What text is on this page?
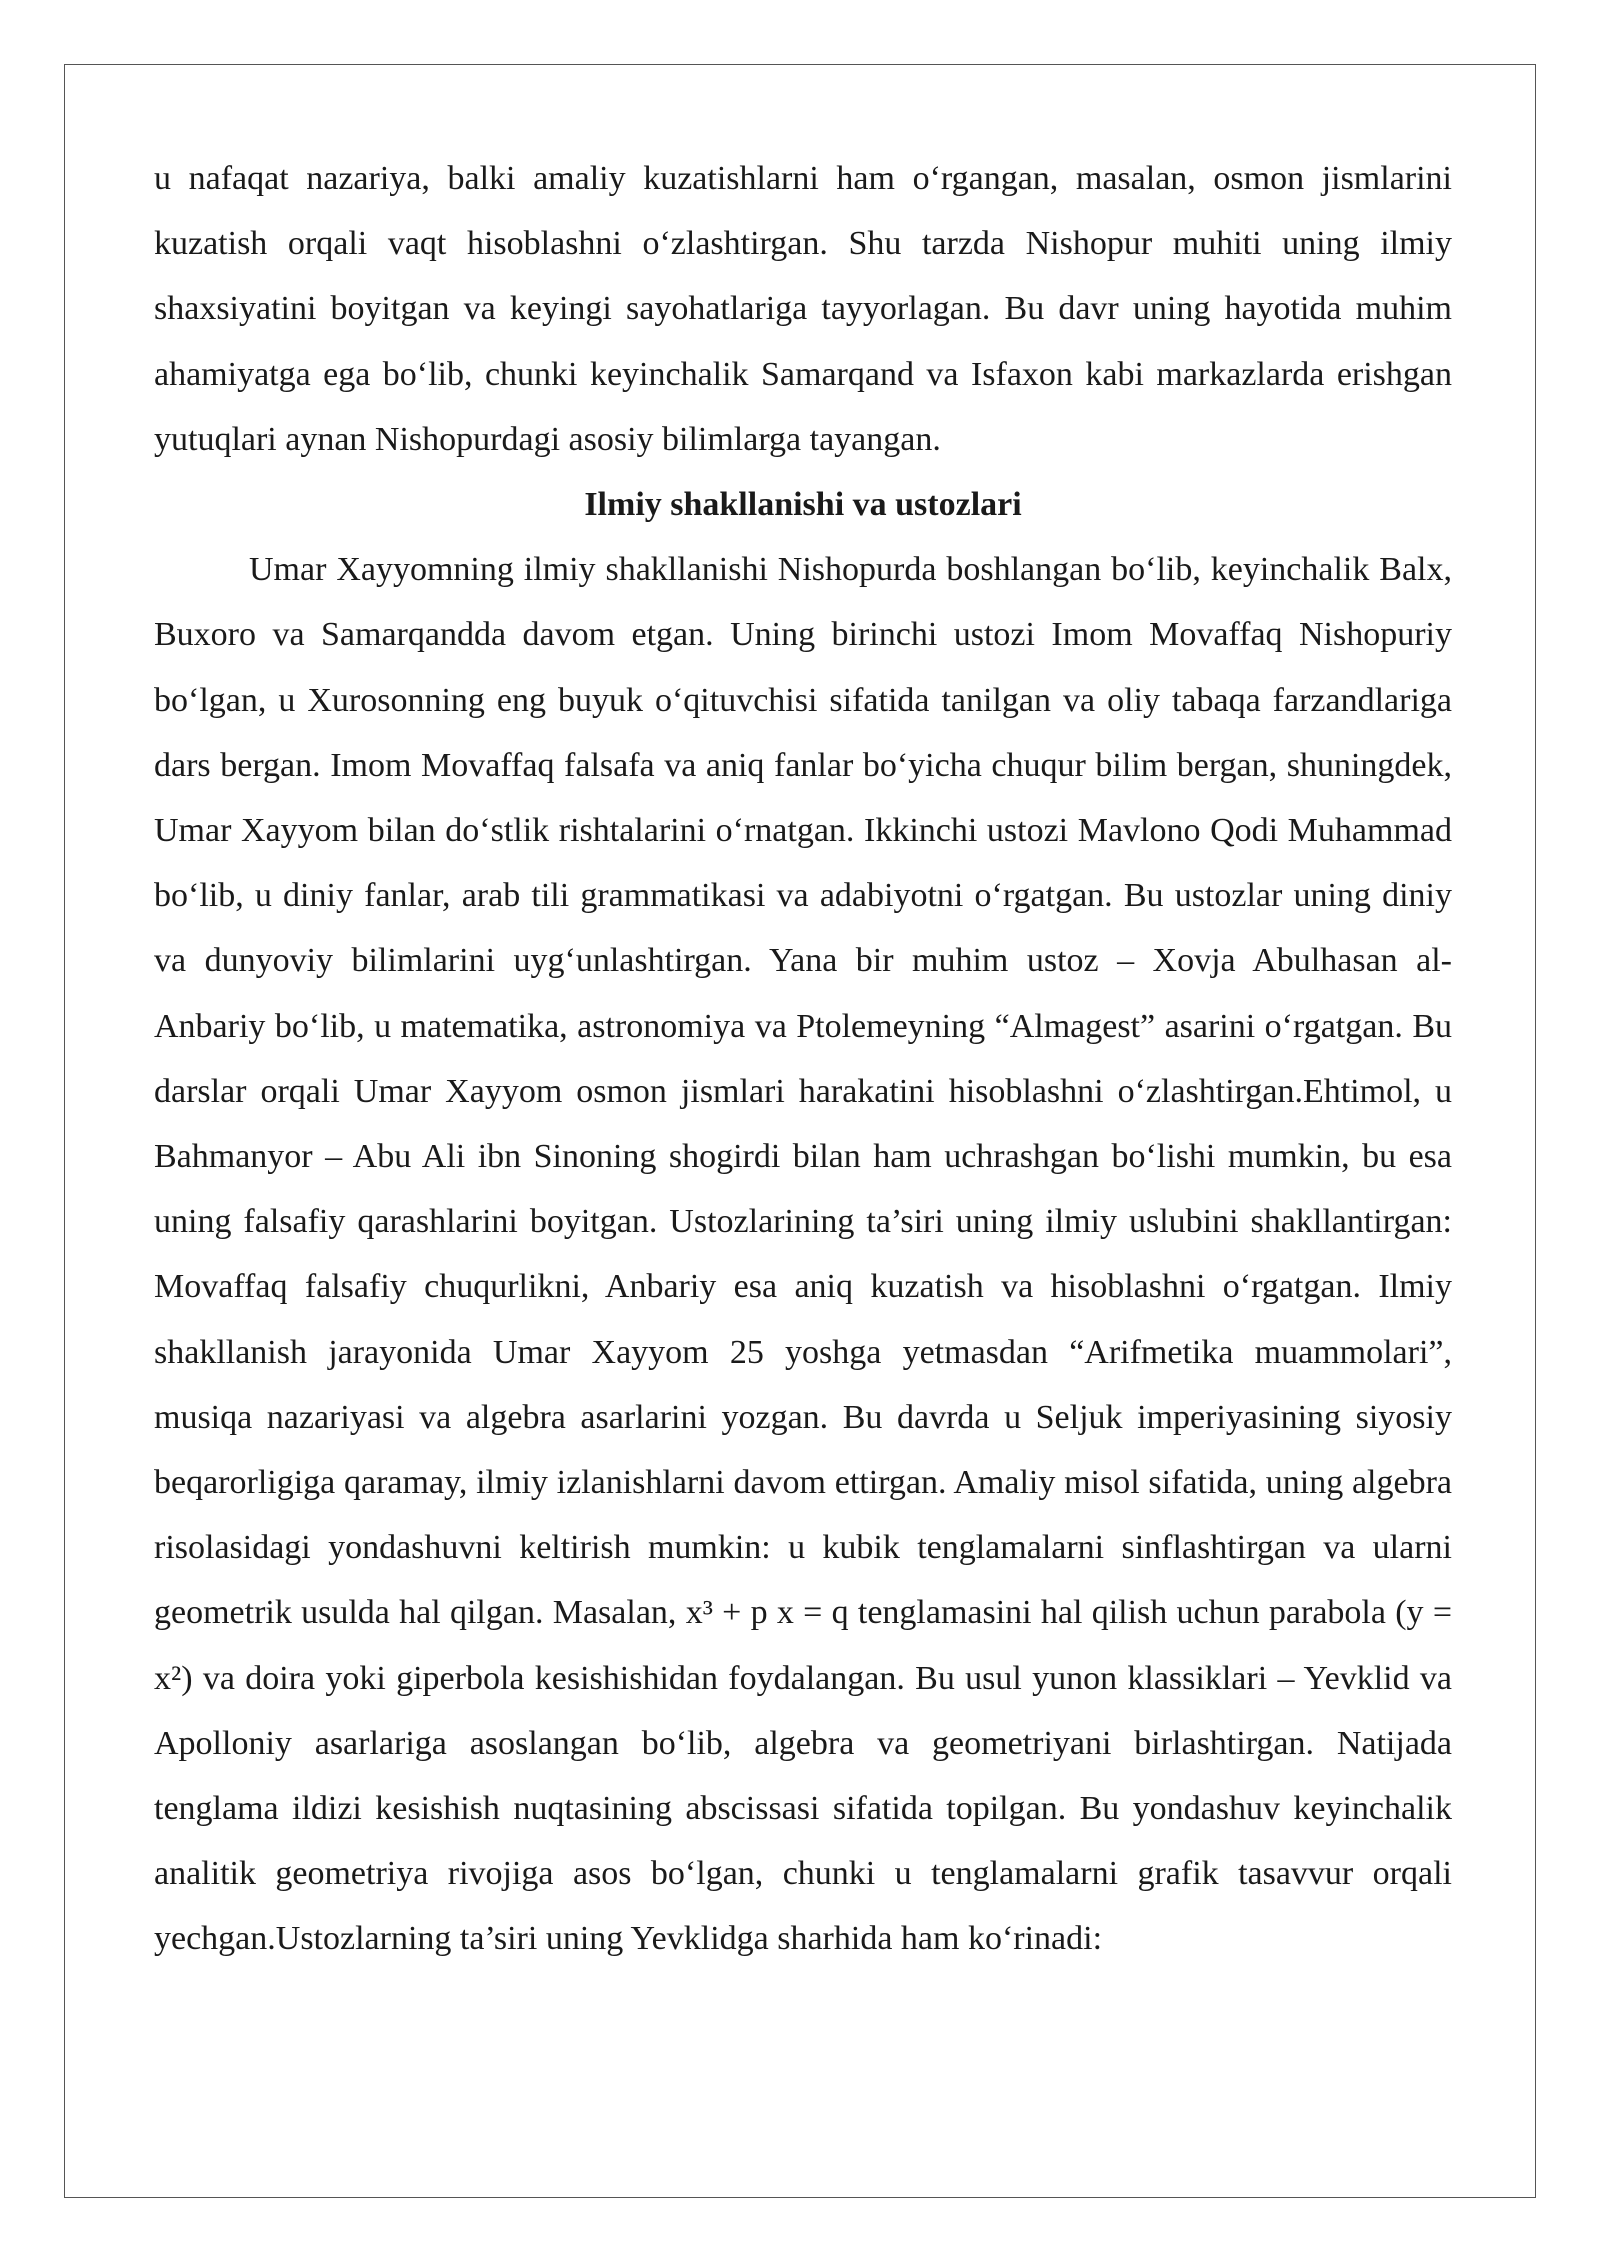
u nafaqat nazariya, balki amaliy kuzatishlarni ham o‘rgangan, masalan, osmon jismlarini kuzatish orqali vaqt hisoblashni o‘zlashtirgan. Shu tarzda Nishopur muhiti uning ilmiy shaxsiyatini boyitgan va keyingi sayohatlariga tayyorlagan. Bu davr uning hayotida muhim ahamiyatga ega bo‘lib, chunki keyinchalik Samarqand va Isfaxon kabi markazlarda erishgan yutuqlari aynan Nishopurdagi asosiy bilimlarga tayangan.

Ilmiy shakllanishi va ustozlari

Umar Xayyomning ilmiy shakllanishi Nishopurda boshlangan bo‘lib, keyinchalik Balx, Buxoro va Samarqandda davom etgan. Uning birinchi ustozi Imom Movaffaq Nishopuriy bo‘lgan, u Xurosonning eng buyuk o‘qituvchisi sifatida tanilgan va oliy tabaqa farzandlariga dars bergan. Imom Movaffaq falsafa va aniq fanlar bo‘yicha chuqur bilim bergan, shuningdek, Umar Xayyom bilan do‘stlik rishtalarini o‘rnatgan. Ikkinchi ustozi Mavlono Qodi Muhammad bo‘lib, u diniy fanlar, arab tili grammatikasi va adabiyotni o‘rgatgan. Bu ustozlar uning diniy va dunyoviy bilimlarini uyg‘unlashtirgan. Yana bir muhim ustoz – Xovja Abulhasan al-Anbariy bo‘lib, u matematika, astronomiya va Ptolemeyning “Almagest” asarini o‘rgatgan. Bu darslar orqali Umar Xayyom osmon jismlari harakatini hisoblashni o‘zlashtirgan.Ehtimol, u Bahmanyor – Abu Ali ibn Sinoning shogirdi bilan ham uchrashgan bo‘lishi mumkin, bu esa uning falsafiy qarashlarini boyitgan. Ustozlarining ta’siri uning ilmiy uslubini shakllantirgan: Movaffaq falsafiy chuqurlikni, Anbariy esa aniq kuzatish va hisoblashni o‘rgatgan. Ilmiy shakllanish jarayonida Umar Xayyom 25 yoshga yetmasdan “Arifmetika muammolari”, musiqa nazariyasi va algebra asarlarini yozgan. Bu davrda u Seljuk imperiyasining siyosiy beqarorligiga qaramay, ilmiy izlanishlarni davom ettirgan. Amaliy misol sifatida, uning algebra risolasidagi yondashuvni keltirish mumkin: u kubik tenglamalarni sinflashtirgan va ularni geometrik usulda hal qilgan. Masalan, x³ + p x = q tenglamasini hal qilish uchun parabola (y = x²) va doira yoki giperbola kesishishidan foydalangan. Bu usul yunon klassiklari – Yevklid va Apolloniy asarlariga asoslangan bo‘lib, algebra va geometriyani birlashtirgan. Natijada tenglama ildizi kesishish nuqtasining abscissasi sifatida topilgan. Bu yondashuv keyinchalik analitik geometriya rivojiga asos bo‘lgan, chunki u tenglamalarni grafik tasavvur orqali yechgan.Ustozlarning ta’siri uning Yevklidga sharhida ham ko‘rinadi:
